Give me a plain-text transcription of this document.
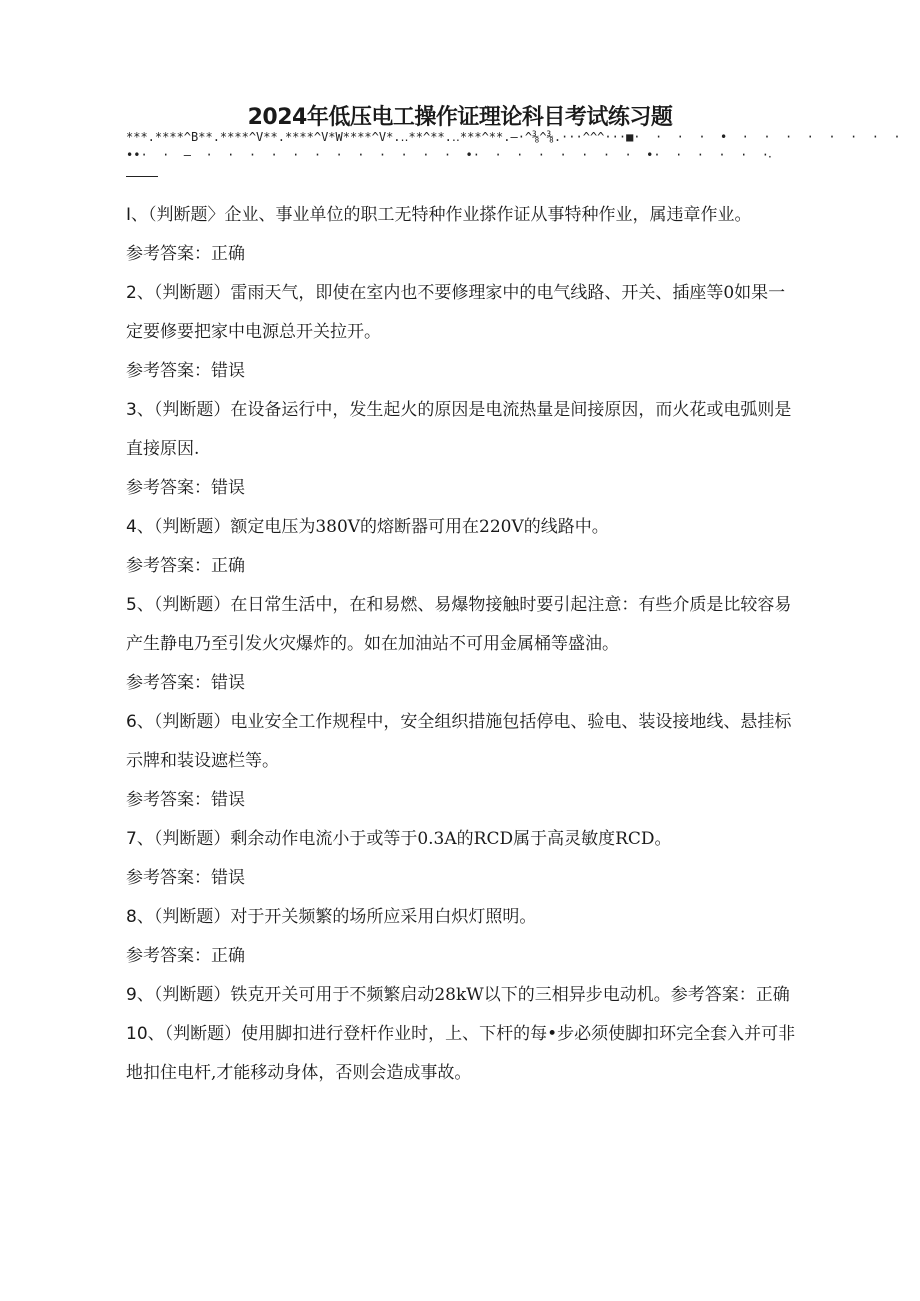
2024年低压电工操作证理论科目考试练习题
***.****^B**.****^V**.****^V*W****^V*.‥**^**.‥***^**.—·^⅜^⅜.···^^^···■·  ·  ·  ·  •  ·  ·  ·  ·  ·  ·  ·  ·
••·  ·  —  ·  ·  ·  ·  ·  ·  ·  ·  ·  ·  ·  ·  •·  ·  ·  ·  ·  ·  ·  ·  •·  ·  ·  ·  ·  · ·

I、（判断题〉企业、事业单位的职工无特种作业搽作证从事特种作业，属违章作业。

参考答案：正确

2、（判断题）雷雨天气，即使在室内也不要修理家中的电气线路、开关、插座等0如果一定要修要把家中电源总开关拉开。

参考答案：错误

3、（判断题）在设备运行中，发生起火的原因是电流热量是间接原因，而火花或电弧则是直接原因.

参考答案：错误

4、（判断题）额定电压为380V的熔断器可用在220V的线路中。

参考答案：正确

5、（判断题）在日常生活中，在和易燃、易爆物接触时要引起注意：有些介质是比较容易产生静电乃至引发火灾爆炸的。如在加油站不可用金属桶等盛油。

参考答案：错误

6、（判断题）电业安全工作规程中，安全组织措施包括停电、验电、装设接地线、悬挂标示牌和装设遮栏等。

参考答案：错误

7、（判断题）剩余动作电流小于或等于0.3A的RCD属于高灵敏度RCD。

参考答案：错误

8、（判断题）对于开关频繁的场所应采用白炽灯照明。

参考答案：正确

9、（判断题）铁克开关可用于不频繁启动28kW以下的三相异步电动机。参考答案：正确

10、（判断题）使用脚扣进行登杆作业时，上、下杆的每•步必须使脚扣环完全套入并可非地扣住电杆,才能移动身体，否则会造成事故。
